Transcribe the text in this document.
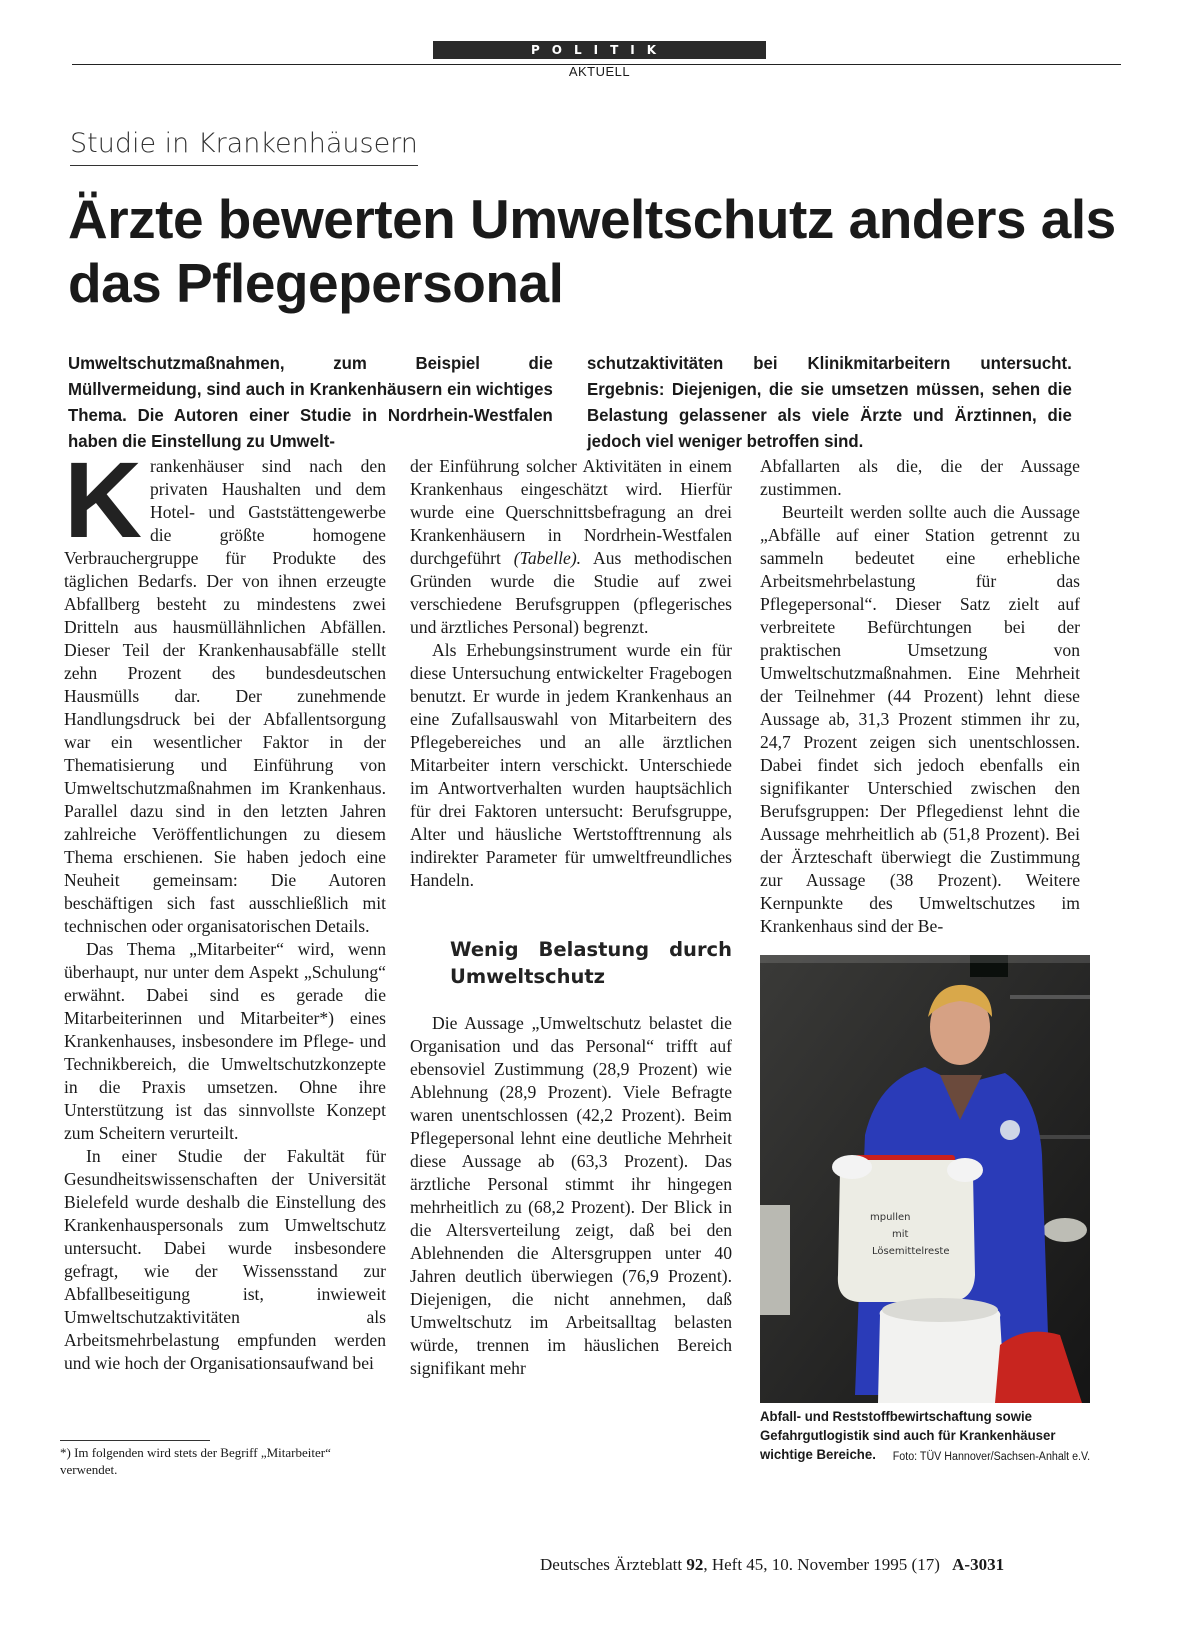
POLITIK
AKTUELL
Studie in Krankenhäusern
Ärzte bewerten Umweltschutz anders als das Pflegepersonal
Umweltschutzmaßnahmen, zum Beispiel die Müllvermeidung, sind auch in Krankenhäusern ein wichtiges Thema. Die Autoren einer Studie in Nordrhein-Westfalen haben die Einstellung zu Umwelt-
schutzaktivitäten bei Klinikmitarbeitern untersucht. Ergebnis: Diejenigen, die sie umsetzen müssen, sehen die Belastung gelassener als viele Ärzte und Ärztinnen, die jedoch viel weniger betroffen sind.

K rankenhäuser sind nach den privaten Haushalten und dem Hotel- und Gaststättengewerbe die größte homogene Verbrauchergruppe für Produkte des täglichen Bedarfs. Der von ihnen erzeugte Abfallberg besteht zu mindestens zwei Dritteln aus hausmüllähnlichen Abfällen. Dieser Teil der Krankenhausabfälle stellt zehn Prozent des bundesdeutschen Hausmülls dar. Der zunehmende Handlungsdruck bei der Abfallentsorgung war ein wesentlicher Faktor in der Thematisierung und Einführung von Umweltschutzmaßnahmen im Krankenhaus. Parallel dazu sind in den letzten Jahren zahlreiche Veröffentlichungen zu diesem Thema erschienen. Sie haben jedoch eine Neuheit gemeinsam: Die Autoren beschäftigen sich fast ausschließlich mit technischen oder organisatorischen Details.

Das Thema „Mitarbeiter“ wird, wenn überhaupt, nur unter dem Aspekt „Schulung“ erwähnt. Dabei sind es gerade die Mitarbeiterinnen und Mitarbeiter*) eines Krankenhauses, insbesondere im Pflege- und Technikbereich, die Umweltschutzkonzepte in die Praxis umsetzen. Ohne ihre Unterstützung ist das sinnvollste Konzept zum Scheitern verurteilt.

In einer Studie der Fakultät für Gesundheitswissenschaften der Universität Bielefeld wurde deshalb die Einstellung des Krankenhauspersonals zum Umweltschutz untersucht. Dabei wurde insbesondere gefragt, wie der Wissensstand zur Abfallbeseitigung ist, inwieweit Umweltschutzaktivitäten als Arbeitsmehrbelastung empfunden werden und wie hoch der Organisationsaufwand bei

*) Im folgenden wird stets der Begriff „Mitarbeiter“ verwendet.

der Einführung solcher Aktivitäten in einem Krankenhaus eingeschätzt wird. Hierfür wurde eine Querschnittsbefragung an drei Krankenhäusern in Nordrhein-Westfalen durchgeführt (Tabelle). Aus methodischen Gründen wurde die Studie auf zwei verschiedene Berufsgruppen (pflegerisches und ärztliches Personal) begrenzt.

Als Erhebungsinstrument wurde ein für diese Untersuchung entwickelter Fragebogen benutzt. Er wurde in jedem Krankenhaus an eine Zufallsauswahl von Mitarbeitern des Pflegebereiches und an alle ärztlichen Mitarbeiter intern verschickt. Unterschiede im Antwortverhalten wurden hauptsächlich für drei Faktoren untersucht: Berufsgruppe, Alter und häusliche Wertstofftrennung als indirekter Parameter für umweltfreundliches Handeln.

Wenig Belastung durch Umweltschutz

Die Aussage „Umweltschutz belastet die Organisation und das Personal“ trifft auf ebensoviel Zustimmung (28,9 Prozent) wie Ablehnung (28,9 Prozent). Viele Befragte waren unentschlossen (42,2 Prozent). Beim Pflegepersonal lehnt eine deutliche Mehrheit diese Aussage ab (63,3 Prozent). Das ärztliche Personal stimmt ihr hingegen mehrheitlich zu (68,2 Prozent). Der Blick in die Altersverteilung zeigt, daß bei den Ablehnenden die Altersgruppen unter 40 Jahren deutlich überwiegen (76,9 Prozent). Diejenigen, die nicht annehmen, daß Umweltschutz im Arbeitsalltag belasten würde, trennen im häuslichen Bereich signifikant mehr

Abfallarten als die, die der Aussage zustimmen.

Beurteilt werden sollte auch die Aussage „Abfälle auf einer Station getrennt zu sammeln bedeutet eine erhebliche Arbeitsmehrbelastung für das Pflegepersonal“. Dieser Satz zielt auf verbreitete Befürchtungen bei der praktischen Umsetzung von Umweltschutzmaßnahmen. Eine Mehrheit der Teilnehmer (44 Prozent) lehnt diese Aussage ab, 31,3 Prozent stimmen ihr zu, 24,7 Prozent zeigen sich unentschlossen. Dabei findet sich jedoch ebenfalls ein signifikanter Unterschied zwischen den Berufsgruppen: Der Pflegedienst lehnt die Aussage mehrheitlich ab (51,8 Prozent). Bei der Ärzteschaft überwiegt die Zustimmung zur Aussage (38 Prozent). Weitere Kernpunkte des Umweltschutzes im Krankenhaus sind der Be-

mpullen
mit
Lösemittelreste
Abfall- und Reststoffbewirtschaftung sowie Gefahrgutlogistik sind auch für Krankenhäuser wichtige Bereiche. Foto: TÜV Hannover/Sachsen-Anhalt e.V.
Deutsches Ärzteblatt 92, Heft 45, 10. November 1995 (17) A-3031
